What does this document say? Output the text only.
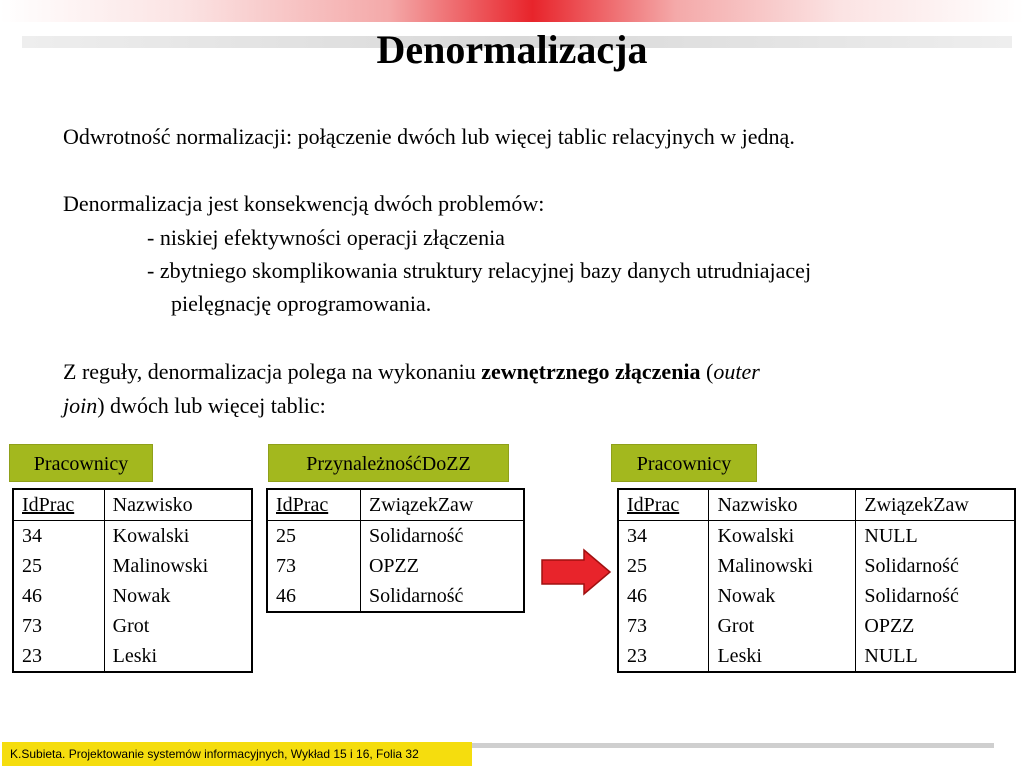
Denormalizacja
Odwrotność normalizacji: połączenie dwóch lub więcej tablic relacyjnych w jedną.
Denormalizacja jest konsekwencją dwóch problemów:
- niskiej efektywności operacji złączenia
- zbytniego skomplikowania struktury relacyjnej bazy danych utrudniajacej
pielęgnację oprogramowania.
Z reguły, denormalizacja polega na wykonaniu zewnętrznego złączenia (outer
join) dwóch lub więcej tablic:
Pracownicy
IdPrac	Nazwisko
34	Kowalski
25	Malinowski
46	Nowak
73	Grot
23	Leski
PrzynależnośćDoZZ
IdPrac	ZwiązekZaw
25	Solidarność
73	OPZZ
46	Solidarność
Pracownicy
IdPrac	Nazwisko	ZwiązekZaw
34	Kowalski	NULL
25	Malinowski	Solidarność
46	Nowak	Solidarność
73	Grot	OPZZ
23	Leski	NULL
K.Subieta. Projektowanie systemów informacyjnych, Wykład 15 i 16, Folia 32
